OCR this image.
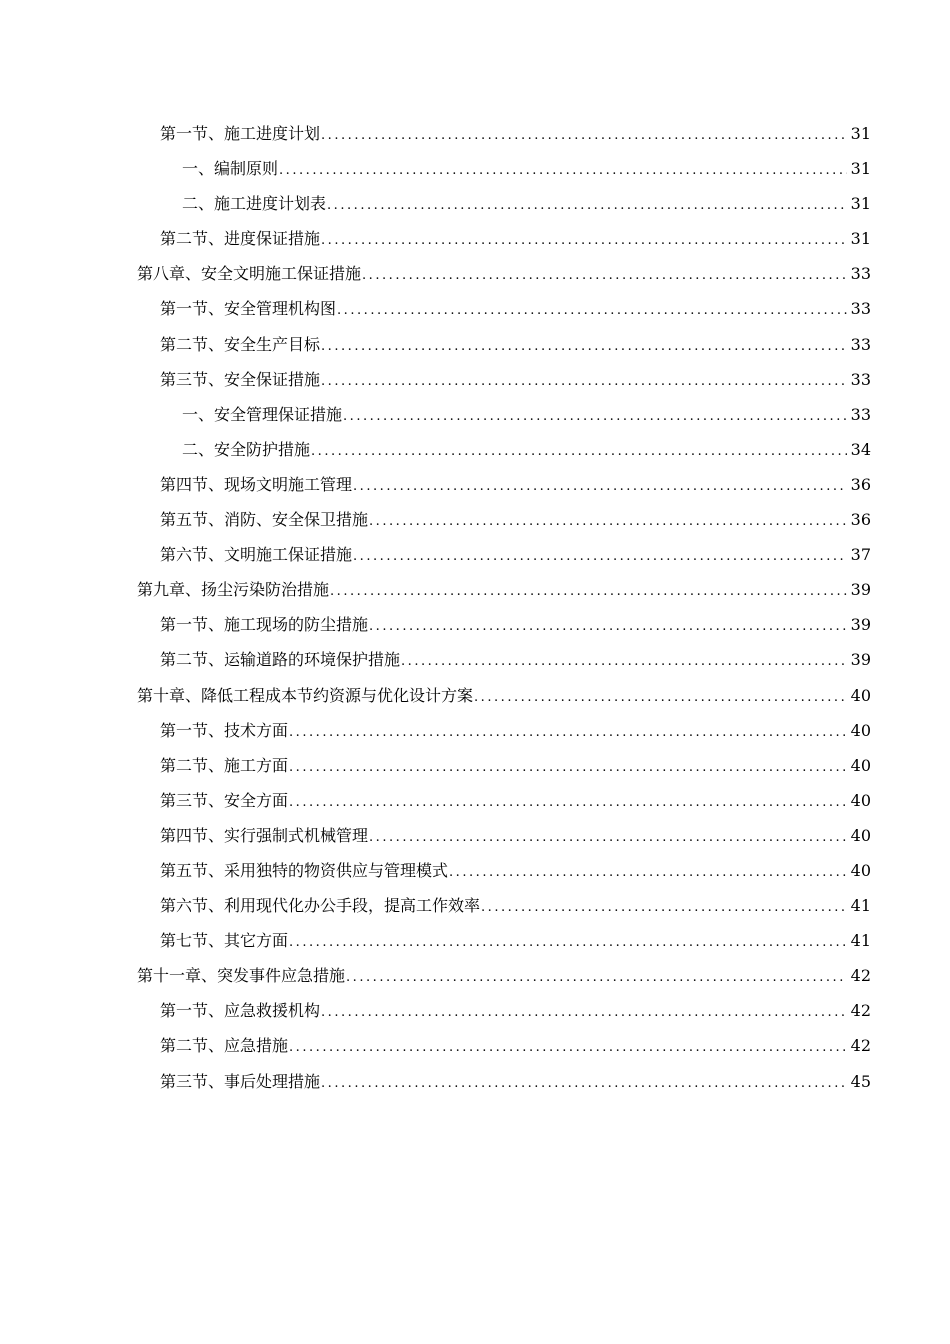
第一节、施工进度计划 . . .	31
一、编制原则 . . .	31
二、施工进度计划表 . . .	31
第二节、进度保证措施 . . .	31
第八章、安全文明施工保证措施 . . .	33
第一节、安全管理机构图 . . .	33
第二节、安全生产目标 . . .	33
第三节、安全保证措施 . . .	33
一、安全管理保证措施 . . .	33
二、安全防护措施 . . .	34
第四节、现场文明施工管理 . . .	36
第五节、消防、安全保卫措施 . . .	36
第六节、文明施工保证措施 . . .	37
第九章、扬尘污染防治措施 . . .	39
第一节、施工现场的防尘措施 . . .	39
第二节、运输道路的环境保护措施 . . .	39
第十章、降低工程成本节约资源与优化设计方案 . . .	40
第一节、技术方面 . . .	40
第二节、施工方面 . . .	40
第三节、安全方面 . . .	40
第四节、实行强制式机械管理 . . .	40
第五节、采用独特的物资供应与管理模式 . . .	40
第六节、利用现代化办公手段，提高工作效率 . . .	41
第七节、其它方面 . . .	41
第十一章、突发事件应急措施 . . .	42
第一节、应急救援机构 . . .	42
第二节、应急措施 . . .	42
第三节、事后处理措施 . . .	45
